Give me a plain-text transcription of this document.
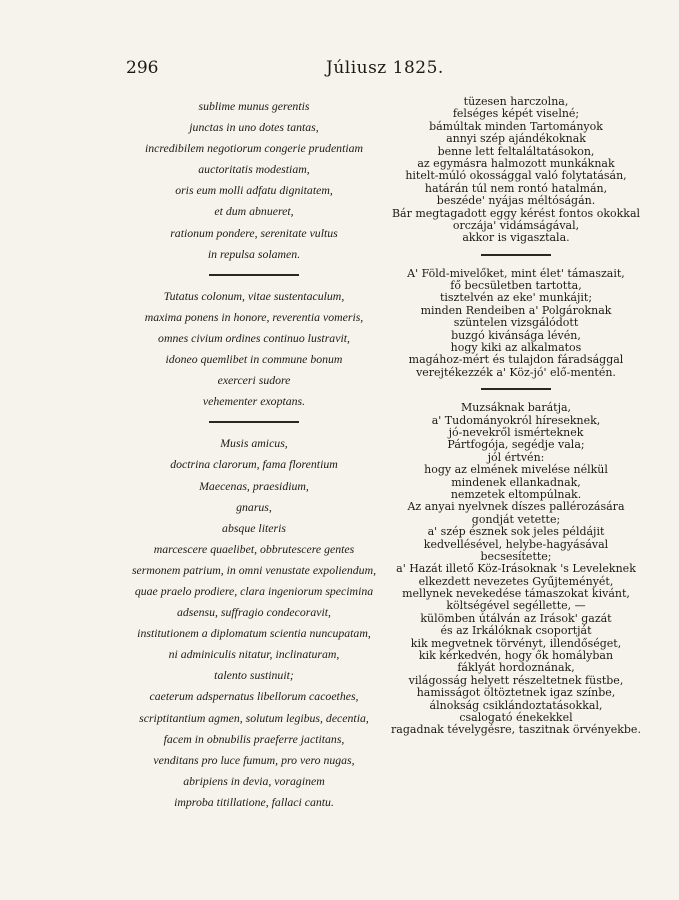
296	Júliusz 1825.
sublime munus gerentis
junctas in uno dotes tantas,
incredibilem negotiorum congerie prudentiam
auctoritatis modestiam,
oris eum molli adfatu dignitatem,
et dum abnueret,
rationum pondere, serenitate vultus
in repulsa solamen.
Tutatus colonum, vitae sustentaculum,
maxima ponens in honore, reverentia vomeris,
omnes civium ordines continuo lustravit,
idoneo quemlibet in commune bonum
exerceri sudore
vehementer exoptans.
Musis amicus,
doctrina clarorum, fama florentium
Maecenas, praesidium,
gnarus,
absque literis
marcescere quaelibet, obbrutescere gentes
sermonem patrium, in omni venustate expoliendum,
quae praelo prodiere, clara ingeniorum specimina
adsensu, suffragio condecoravit,
institutionem a diplomatum scientia nuncupatam,
ni adminiculis nitatur, inclinaturam,
talento sustinuit;
caeterum adspernatus libellorum cacoethes,
scriptitantium agmen, solutum legibus, decentia,
facem in obnubilis praeferre jactitans,
venditans pro luce fumum, pro vero nugas,
abripiens in devia, voraginem
improba titillatione, fallaci cantu.
tüzesen harczolna,
felséges képét viselné;
bámúltak minden Tartományok
annyi szép ajándékoknak
benne lett feltaláltatásokon,
az egymásra halmozott munkáknak
hitelt-múló okossággal való folytatásán,
határán túl nem rontó hatalmán,
beszéde' nyájas méltóságán.
Bár megtagadott eggy kérést fontos okokkal
orczája' vidámságával,
akkor is vigasztala.
A' Föld-mivelőket, mint élet' támaszait,
fő becsületben tartotta,
tisztelvén az eke' munkájit;
minden Rendeiben a' Polgároknak
szüntelen vizsgálódott
buzgó kivánsága lévén,
hogy kiki az alkalmatos
magához-mért és tulajdon fáradsággal
verejtékezzék a' Köz-jó' elő-mentén.
Muzsáknak barátja,
a' Tudományokról híreseknek,
jó-nevekről ismérteknek
Pártfogója, segédje vala;
jól értvén:
hogy az elmének mivelése nélkül
mindenek ellankadnak,
nemzetek eltompúlnak.
Az anyai nyelvnek díszes pallérozására
gondját vetette;
a' szép észnek sok jeles példájit
kedvellésével, helybe-hagyásával
becsesítette;
a' Hazát illető Köz-Irásoknak 's Leveleknek
elkezdett nevezetes Gyűjteményét,
mellynek nevekedése támaszokat kivánt,
költségével segéllette, —
külömben útálván az Irások' gazát
és az Irkálóknak csoportját
kik megvetnek törvényt, illendőséget,
kik kérkedvén, hogy ők homályban
fáklyát hordoznának,
világosság helyett részeltetnek füstbe,
hamisságot öltöztetnek igaz színbe,
álnokság csiklándoztatásokkal,
csalogató énekekkel
ragadnak tévelygésre, taszitnak örvényekbe.
